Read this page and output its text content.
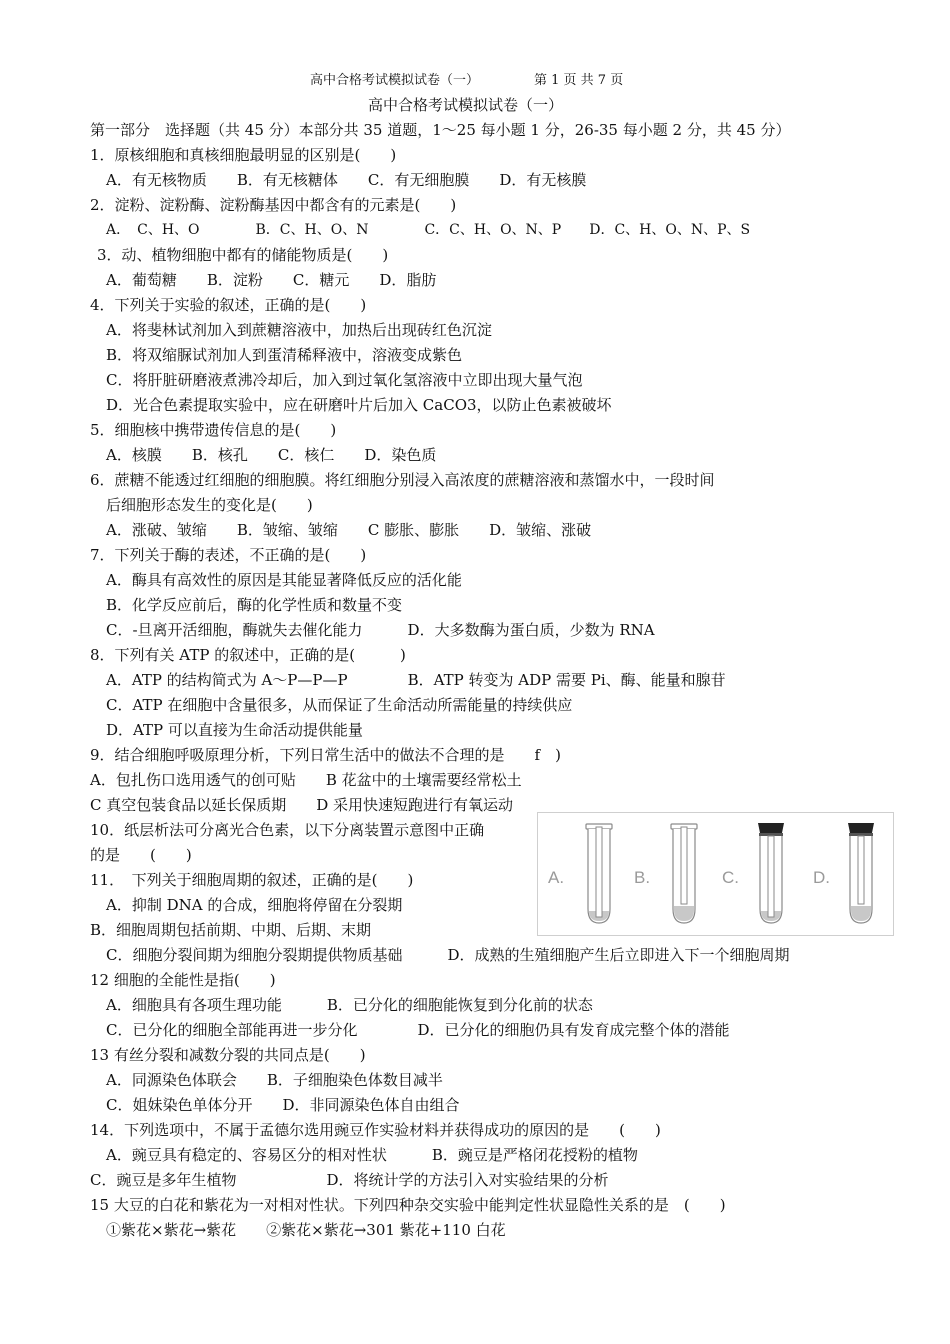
高中合格考试模拟试卷（一）	第 1 页 共 7 页
高中合格考试模拟试卷（一）
第一部分　选择题（共 45 分）本部分共 35 道题，1～25 每小题 1 分，26-35 每小题 2 分，共 45 分）
1．原核细胞和真核细胞最明显的区别是(　　)
A．有无核物质　　B．有无核糖体　　C．有无细胞膜　　D．有无核膜
2．淀粉、淀粉酶、淀粉酶基因中都含有的元素是(　　)
A．　C、H、O　　　　B．C、H、O、N　　　　C．C、H、O、N、P　　D．C、H、O、N、P、S
3．动、植物细胞中都有的储能物质是(　　)
A．葡萄糖　　B．淀粉　　C．糖元　　D．脂肪
4．下列关于实验的叙述，正确的是(　　)
A．将斐林试剂加入到蔗糖溶液中，加热后出现砖红色沉淀
B．将双缩脲试剂加人到蛋清稀释液中，溶液变成紫色
C．将肝脏研磨液煮沸冷却后，加入到过氧化氢溶液中立即出现大量气泡
D．光合色素提取实验中，应在研磨叶片后加入 CaCO3，以防止色素被破坏
5．细胞核中携带遗传信息的是(　　)
A．核膜　　B．核孔　　C．核仁　　D．染色质
6．蔗糖不能透过红细胞的细胞膜。将红细胞分别浸入高浓度的蔗糖溶液和蒸馏水中，一段时间
后细胞形态发生的变化是(　　)
A．涨破、皱缩　　B．皱缩、皱缩　　C 膨胀、膨胀　　D．皱缩、涨破
7．下列关于酶的表述，不正确的是(　　)
A．酶具有高效性的原因是其能显著降低反应的活化能
B．化学反应前后，酶的化学性质和数量不变
C．-旦离开活细胞，酶就失去催化能力　　　D．大多数酶为蛋白质，少数为 RNA
8．下列有关 ATP 的叙述中，正确的是(　　　)
A．ATP 的结构简式为 A～P—P—P　　　　B．ATP 转变为 ADP 需要 Pi、酶、能量和腺苷
C．ATP 在细胞中含量很多，从而保证了生命活动所需能量的持续供应
D．ATP 可以直接为生命活动提供能量
9．结合细胞呼吸原理分析，下列日常生活中的做法不合理的是　　f　)
A．包扎伤口选用透气的创可贴　　B 花盆中的土壤需要经常松土
C 真空包装食品以延长保质期　　D 采用快速短跑进行有氧运动
10．纸层析法可分离光合色素，以下分离装置示意图中正确
的是　　(　　)
11．　下列关于细胞周期的叙述，正确的是(　　)
A．抑制 DNA 的合成，细胞将停留在分裂期
B．细胞周期包括前期、中期、后期、末期
C．细胞分裂间期为细胞分裂期提供物质基础　　　D．成熟的生殖细胞产生后立即进入下一个细胞周期
12 细胞的全能性是指(　　)
A．细胞具有各项生理功能　　　B．已分化的细胞能恢复到分化前的状态
C．已分化的细胞全部能再进一步分化　　　　D．已分化的细胞仍具有发育成完整个体的潜能
13 有丝分裂和减数分裂的共同点是(　　)
A．同源染色体联会　　B．子细胞染色体数目减半
C．姐妹染色单体分开　　D．非同源染色体自由组合
14．下列选项中，不属于孟德尔选用豌豆作实验材料并获得成功的原因的是　　(　　)
A．豌豆具有稳定的、容易区分的相对性状　　　B．豌豆是严格闭花授粉的植物
C．豌豆是多年生植物　　　　　　D．将统计学的方法引入对实验结果的分析
15 大豆的白花和紫花为一对相对性状。下列四种杂交实验中能判定性状显隐性关系的是　(　　)
①紫花×紫花→紫花　　②紫花×紫花→301 紫花+110 白花
A.	B.	C.	D.
